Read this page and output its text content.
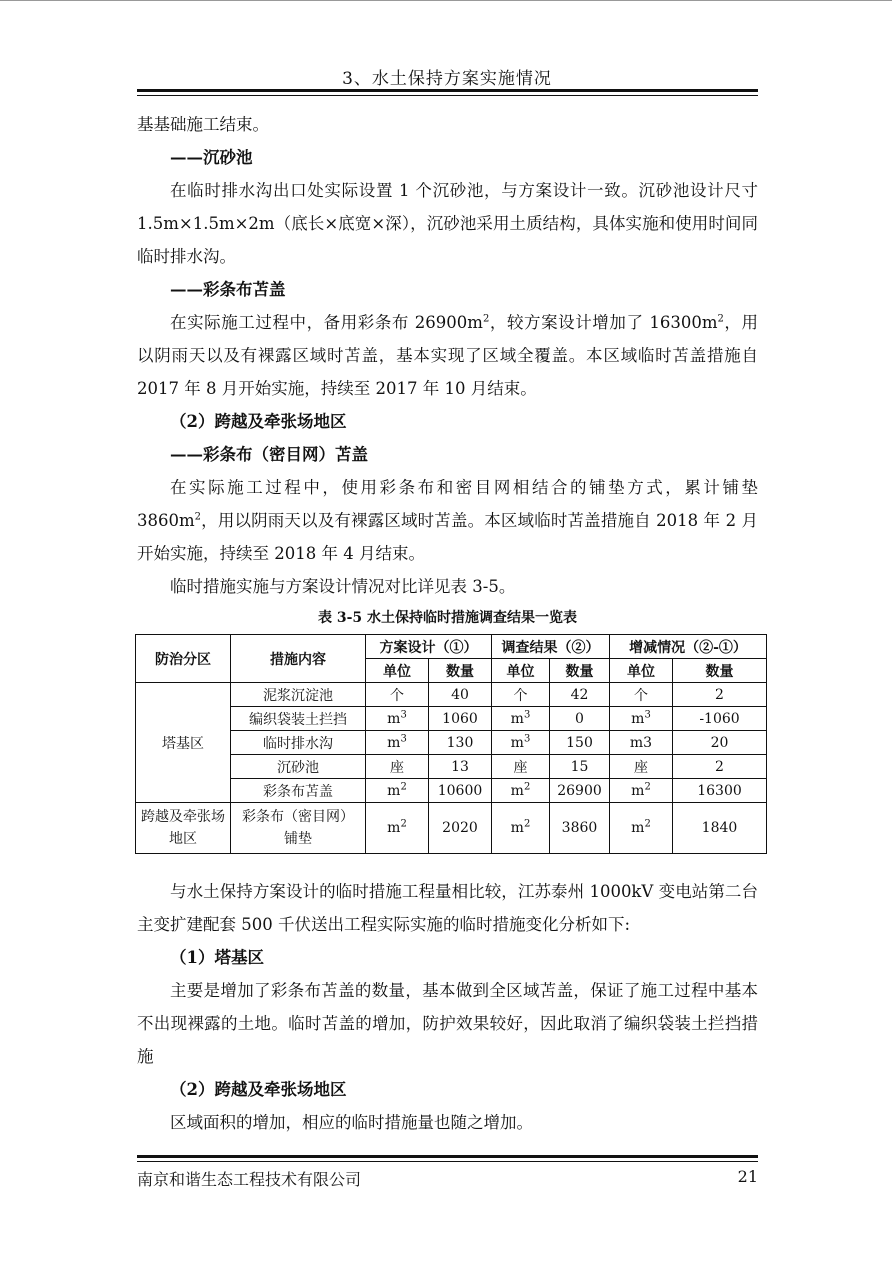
3、水土保持方案实施情况

基基础施工结束。

——沉砂池

在临时排水沟出口处实际设置 1 个沉砂池，与方案设计一致。沉砂池设计尺寸 1.5m×1.5m×2m（底长×底宽×深），沉砂池采用土质结构，具体实施和使用时间同临时排水沟。

——彩条布苫盖

在实际施工过程中，备用彩条布 $26900m^2$，较方案设计增加了 $16300m^2$，用以阴雨天以及有裸露区域时苫盖，基本实现了区域全覆盖。本区域临时苫盖措施自 2017 年 8 月开始实施，持续至 2017 年 10 月结束。

（2）跨越及牵张场地区

——彩条布（密目网）苫盖

在实际施工过程中，使用彩条布和密目网相结合的铺垫方式，累计铺垫 $3860m^2$，用以阴雨天以及有裸露区域时苫盖。本区域临时苫盖措施自 2018 年 2 月开始实施，持续至 2018 年 4 月结束。

临时措施实施与方案设计情况对比详见表 3-5。

表 3-5 水土保持临时措施调查结果一览表
防治分区	措施内容	方案设计（①）		调查结果（②）		增减情况（②-①）	
		单位	数量	单位	数量	单位	数量
塔基区	泥浆沉淀池	个	40	个	42	个	2
	编织袋装土拦挡	$m^3$	1060	$m^3$	0	$m^3$	-1060
	临时排水沟	$m^3$	130	$m^3$	150	m3	20
	沉砂池	座	13	座	15	座	2
	彩条布苫盖	$m^2$	10600	$m^2$	26900	$m^2$	16300
跨越及牵张场地区	彩条布（密目网）铺垫	$m^2$	2020	$m^2$	3860	$m^2$	1840

与水土保持方案设计的临时措施工程量相比较，江苏泰州 1000kV 变电站第二台主变扩建配套 500 千伏送出工程实际实施的临时措施变化分析如下:

（1）塔基区

主要是增加了彩条布苫盖的数量，基本做到全区域苫盖，保证了施工过程中基本不出现裸露的土地。临时苫盖的增加，防护效果较好，因此取消了编织袋装土拦挡措施

（2）跨越及牵张场地区

区域面积的增加，相应的临时措施量也随之增加。

南京和谐生态工程技术有限公司	21
